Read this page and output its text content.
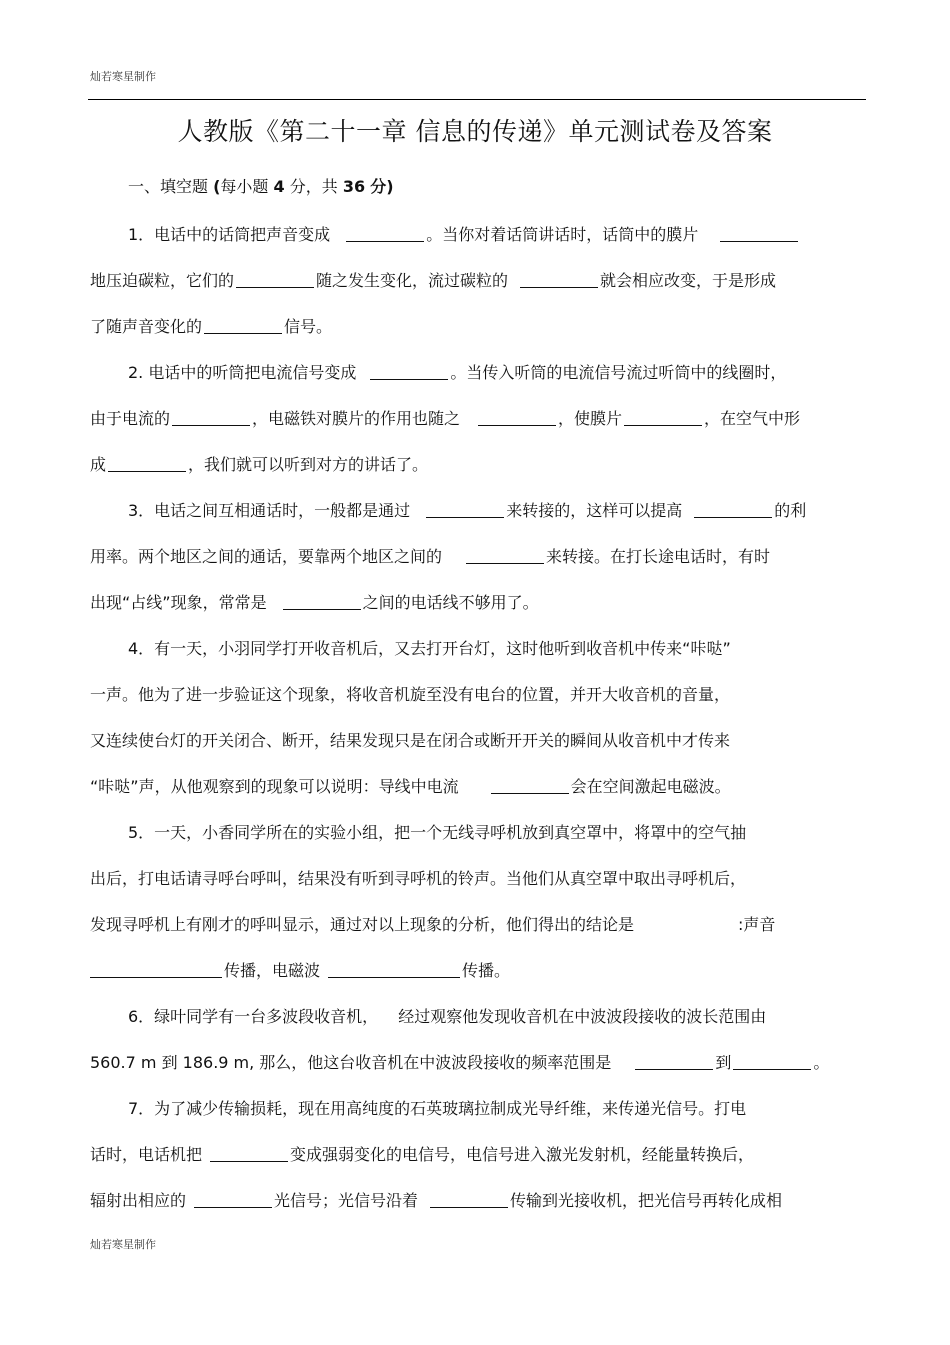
灿若寒星制作
人教版《第二十一章 信息的传递》单元测试卷及答案
一、填空题 (每小题 4 分，共 36 分)
1．电话中的话筒把声音变成	。当你对着话筒讲话时，话筒中的膜片
地压迫碳粒，它们的	随之发生变化，流过碳粒的	就会相应改变，于是形成
了随声音变化的	信号。
2. 电话中的听筒把电流信号变成	。当传入听筒的电流信号流过听筒中的线圈时，
由于电流的	，电磁铁对膜片的作用也随之	，使膜片	，在空气中形
成	，我们就可以听到对方的讲话了。
3．电话之间互相通话时，一般都是通过	来转接的，这样可以提高	的利
用率。两个地区之间的通话，要靠两个地区之间的	来转接。在打长途电话时，有时
出现“占线”现象，常常是	之间的电话线不够用了。
4．有一天，小羽同学打开收音机后，又去打开台灯，这时他听到收音机中传来“咔哒”
一声。他为了进一步验证这个现象，将收音机旋至没有电台的位置，并开大收音机的音量，
又连续使台灯的开关闭合、断开，结果发现只是在闭合或断开开关的瞬间从收音机中才传来
“咔哒”声，从他观察到的现象可以说明：导线中电流	会在空间激起电磁波。
5．一天，小香同学所在的实验小组，把一个无线寻呼机放到真空罩中，将罩中的空气抽
出后，打电话请寻呼台呼叫，结果没有听到寻呼机的铃声。当他们从真空罩中取出寻呼机后，
发现寻呼机上有刚才的呼叫显示，通过对以上现象的分析，他们得出的结论是	:声音
传播，电磁波	传播。
6．绿叶同学有一台多波段收音机， 经过观察他发现收音机在中波波段接收的波长范围由
560.7 m 到 186.9 m, 那么，他这台收音机在中波波段接收的频率范围是	到	。
7．为了减少传输损耗，现在用高纯度的石英玻璃拉制成光导纤维，来传递光信号。打电
话时，电话机把	变成强弱变化的电信号，电信号进入激光发射机，经能量转换后，
辐射出相应的	光信号；光信号沿着	传输到光接收机，把光信号再转化成相
灿若寒星制作
